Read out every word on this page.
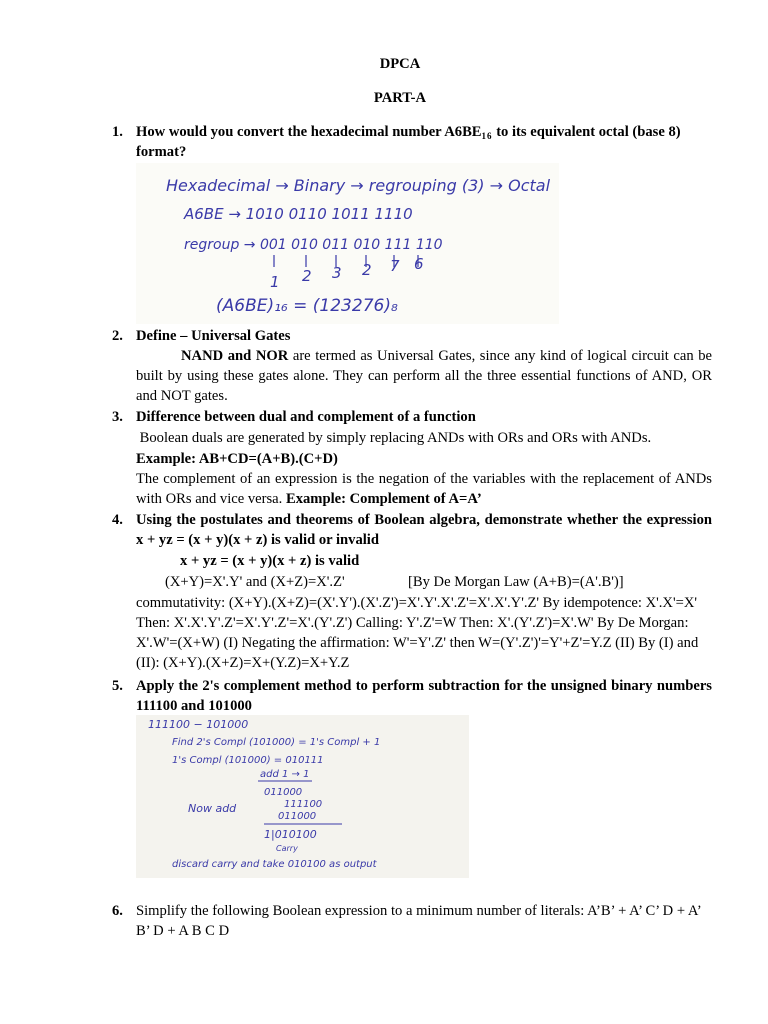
DPCA
PART-A
1. How would you convert the hexadecimal number $A6BE_{16}$ to its equivalent octal (base 8)
format?
Hexadecimal → Binary → regrouping (3) → Octal
A6BE → 1010 0110 1011 1110
regroup → 001 010 011 010 111 110
1 2 3 2 7 6
(A6BE)₁₆ = (123276)₈
2. Define – Universal Gates
NAND and NOR are termed as Universal Gates, since any kind of logical circuit can be built by using these gates alone. They can perform all the three essential functions of AND, OR and NOT gates.
3. Difference between dual and complement of a function
Boolean duals are generated by simply replacing ANDs with ORs and ORs with ANDs.
Example: AB+CD=(A+B).(C+D)
The complement of an expression is the negation of the variables with the replacement of ANDs with ORs and vice versa. Example: Complement of A=A’
4. Using the postulates and theorems of Boolean algebra, demonstrate whether the expression x + yz = (x + y)(x + z) is valid or invalid
x + yz = (x + y)(x + z) is valid
(X+Y)=X'.Y' and (X+Z)=X'.Z'	[By De Morgan Law (A+B)=(A'.B')]
commutativity: (X+Y).(X+Z)=(X'.Y').(X'.Z')=X'.Y'.X'.Z'=X'.X'.Y'.Z' By idempotence: X'.X'=X' Then: X'.X'.Y'.Z'=X'.Y'.Z'=X'.(Y'.Z') Calling: Y'.Z'=W Then: X'.(Y'.Z')=X'.W' By De Morgan: X'.W'=(X+W) (I) Negating the affirmation: W'=Y'.Z' then W=(Y'.Z')'=Y'+Z'=Y.Z (II) By (I) and (II): (X+Y).(X+Z)=X+(Y.Z)=X+Y.Z
5. Apply the 2's complement method to perform subtraction for the unsigned binary numbers 111100 and 101000
111100 − 101000
Find 2's Compl (101000) = 1's Compl + 1
1's Compl (101000) = 010111
add 1 → 1
011000
Now add	111100
011000
1|010100
Carry
discard carry and take 010100 as output
6. Simplify the following Boolean expression to a minimum number of literals: A’B’ + A’ C’ D + A’ B’ D + A B C D
